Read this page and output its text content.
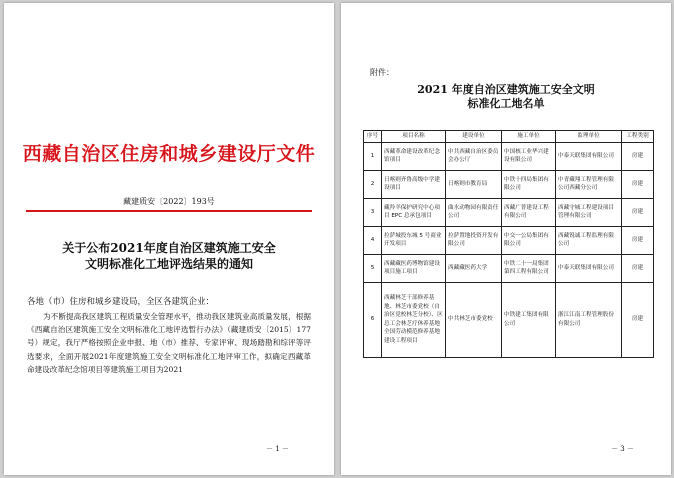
西藏自治区住房和城乡建设厅文件
藏建质安〔2022〕193号
关于公布2021年度自治区建筑施工安全
文明标准化工地评选结果的通知
各地（市）住房和城乡建设局，全区各建筑企业：

为不断提高我区建筑工程质量安全管理水平，推动我区建筑业高质量发展，根据《西藏自治区建筑施工安全文明标准化工地评选暂行办法》（藏建质安〔2015〕177号）规定，我厅严格按照企业申报、地（市）推荐、专家评审、现场踏勘和综评等评选要求，全面开展2021年度建筑施工安全文明标准化工地评审工作，拟确定西藏革命建设改革纪念馆项目等建筑施工项目为2021

－ 1 －
附件：
2021 年度自治区建筑施工安全文明
标准化工地名单
序号	项目名称	建设单位	施工单位	监理单位	工程类别
1	西藏革命建设改革纪念馆项目	中共西藏自治区委员会办公厅	中国核工业华兴建设有限公司	中泰天联集团有限公司	房建
2	日喀则齐鲁高级中学建设项目	日喀则市教育局	中铁十四局集团有限公司	中青藏翔工程管理有限公司西藏分公司	房建
3	藏羚羊保护研究中心项目 EPC 总承包项目	曲水动物园有限责任公司	西藏广普建设工程有限公司	西藏守城工程建设项目管理有限公司	房建
4	拉萨城投东城 5 号商业开发项目	拉萨置地投资开发有限公司	中交一公局集团有限公司	西藏锐诚工程监理有限公司	房建
5	西藏藏医药博物馆建设项目施工项目	西藏藏医药大学	中铁二十一局集团第四工程有限公司	中泰天联集团有限公司	房建
6	西藏林芝干部修养基地、林芝市委党校（自治区党校林芝分校）、区总工会林芝疗休养基地 全国劳动模范修养基地 建设工程项目	中共林芝市委党校	中铁建工集团有限公司	浙江江南工程管理股份有限公司	房建
－ 3 －
